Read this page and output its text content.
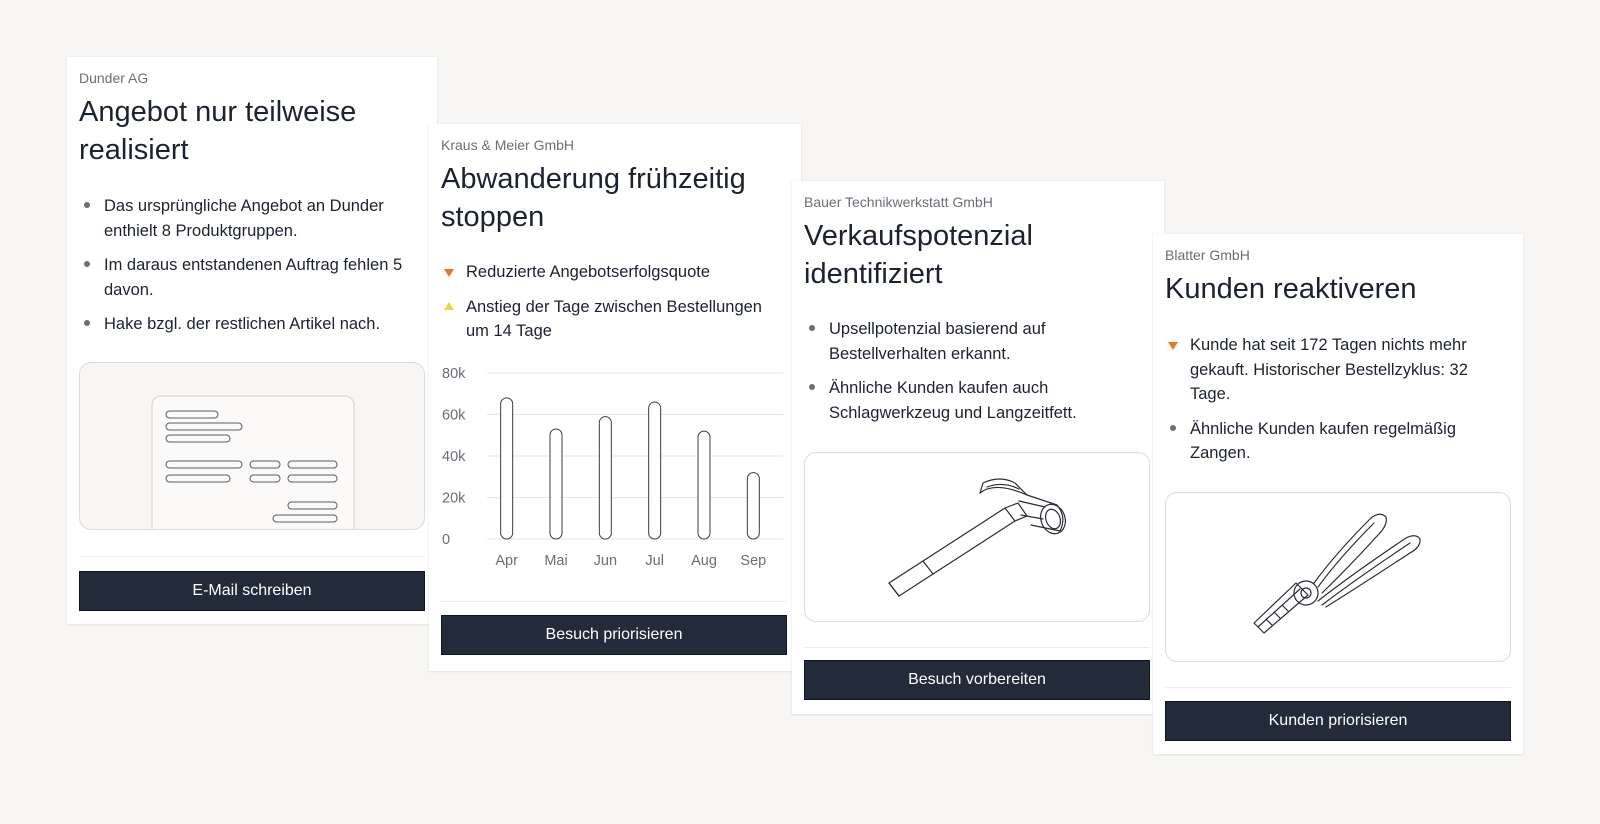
Dunder AG
Angebot nur teilweise
realisiert
Das ursprüngliche Angebot an Dunder
enthielt 8 Produktgruppen.
Im daraus entstandenen Auftrag fehlen 5
davon.
Hake bzgl. der restlichen Artikel nach.
E-Mail schreiben
Kraus & Meier GmbH
Abwanderung frühzeitig
stoppen
Reduzierte Angebotserfolgsquote
Anstieg der Tage zwischen Bestellungen
um 14 Tage
0
20k
40k
60k
80k
Apr Mai Jun Jul Aug Sep
Besuch priorisieren
Bauer Technikwerkstatt GmbH
Verkaufspotenzial
identifiziert
Upsellpotenzial basierend auf
Bestellverhalten erkannt.
Ähnliche Kunden kaufen auch
Schlagwerkzeug und Langzeitfett.
Besuch vorbereiten
Blatter GmbH
Kunden reaktiveren
Kunde hat seit 172 Tagen nichts mehr
gekauft. Historischer Bestellzyklus: 32
Tage.
Ähnliche Kunden kaufen regelmäßig
Zangen.
Kunden priorisieren
